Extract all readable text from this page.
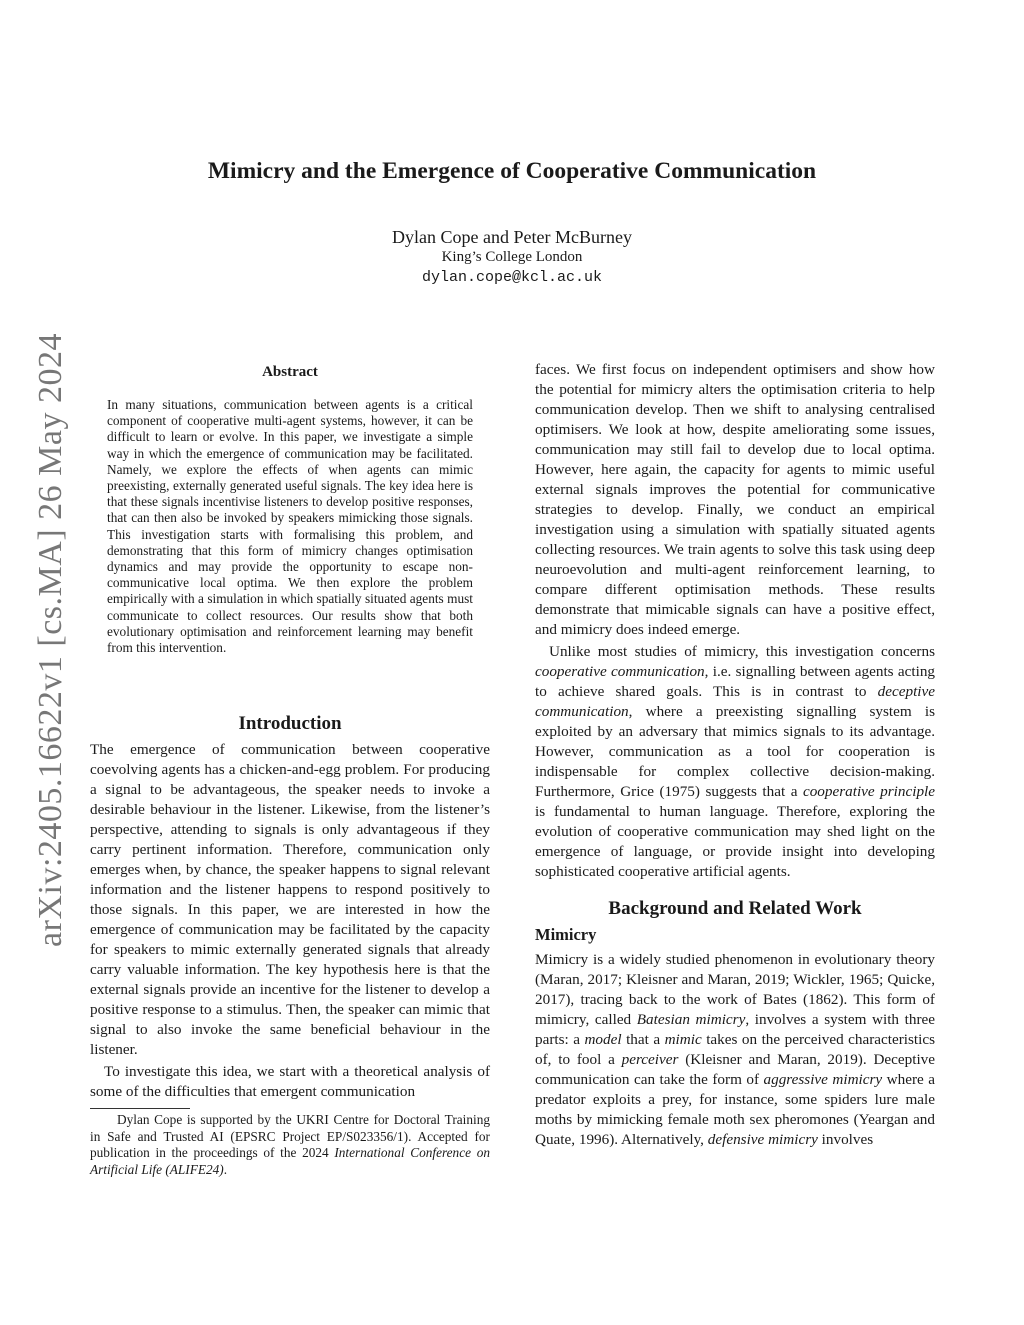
arXiv:2405.16622v1 [cs.MA] 26 May 2024
Mimicry and the Emergence of Cooperative Communication
Dylan Cope and Peter McBurney
King’s College London
dylan.cope@kcl.ac.uk
Abstract

In many situations, communication between agents is a critical component of cooperative multi-agent systems, however, it can be difficult to learn or evolve. In this paper, we investigate a simple way in which the emergence of communication may be facilitated. Namely, we explore the effects of when agents can mimic preexisting, externally generated useful signals. The key idea here is that these signals incentivise listeners to develop positive responses, that can then also be invoked by speakers mimicking those signals. This investigation starts with formalising this problem, and demonstrating that this form of mimicry changes optimisation dynamics and may provide the opportunity to escape non-communicative local optima. We then explore the problem empirically with a simulation in which spatially situated agents must communicate to collect resources. Our results show that both evolutionary optimisation and reinforcement learning may benefit from this intervention.

Introduction

The emergence of communication between cooperative coevolving agents has a chicken-and-egg problem. For producing a signal to be advantageous, the speaker needs to invoke a desirable behaviour in the listener. Likewise, from the listener’s perspective, attending to signals is only advantageous if they carry pertinent information. Therefore, communication only emerges when, by chance, the speaker happens to signal relevant information and the listener happens to respond positively to those signals. In this paper, we are interested in how the emergence of communication may be facilitated by the capacity for speakers to mimic externally generated signals that already carry valuable information. The key hypothesis here is that the external signals provide an incentive for the listener to develop a positive response to a stimulus. Then, the speaker can mimic that signal to also invoke the same beneficial behaviour in the listener.

To investigate this idea, we start with a theoretical analysis of some of the difficulties that emergent communication

Dylan Cope is supported by the UKRI Centre for Doctoral Training in Safe and Trusted AI (EPSRC Project EP/S023356/1). Accepted for publication in the proceedings of the 2024 International Conference on Artificial Life (ALIFE24).

faces. We first focus on independent optimisers and show how the potential for mimicry alters the optimisation criteria to help communication develop. Then we shift to analysing centralised optimisers. We look at how, despite ameliorating some issues, communication may still fail to develop due to local optima. However, here again, the capacity for agents to mimic useful external signals improves the potential for communicative strategies to develop. Finally, we conduct an empirical investigation using a simulation with spatially situated agents collecting resources. We train agents to solve this task using deep neuroevolution and multi-agent reinforcement learning, to compare different optimisation methods. These results demonstrate that mimicable signals can have a positive effect, and mimicry does indeed emerge.

Unlike most studies of mimicry, this investigation concerns cooperative communication, i.e. signalling between agents acting to achieve shared goals. This is in contrast to deceptive communication, where a preexisting signalling system is exploited by an adversary that mimics signals to its advantage. However, communication as a tool for cooperation is indispensable for complex collective decision-making. Furthermore, Grice (1975) suggests that a cooperative principle is fundamental to human language. Therefore, exploring the evolution of cooperative communication may shed light on the emergence of language, or provide insight into developing sophisticated cooperative artificial agents.

Background and Related Work
Mimicry

Mimicry is a widely studied phenomenon in evolutionary theory (Maran, 2017; Kleisner and Maran, 2019; Wickler, 1965; Quicke, 2017), tracing back to the work of Bates (1862). This form of mimicry, called Batesian mimicry, involves a system with three parts: a model that a mimic takes on the perceived characteristics of, to fool a perceiver (Kleisner and Maran, 2019). Deceptive communication can take the form of aggressive mimicry where a predator exploits a prey, for instance, some spiders lure male moths by mimicking female moth sex pheromones (Yeargan and Quate, 1996). Alternatively, defensive mimicry involves
